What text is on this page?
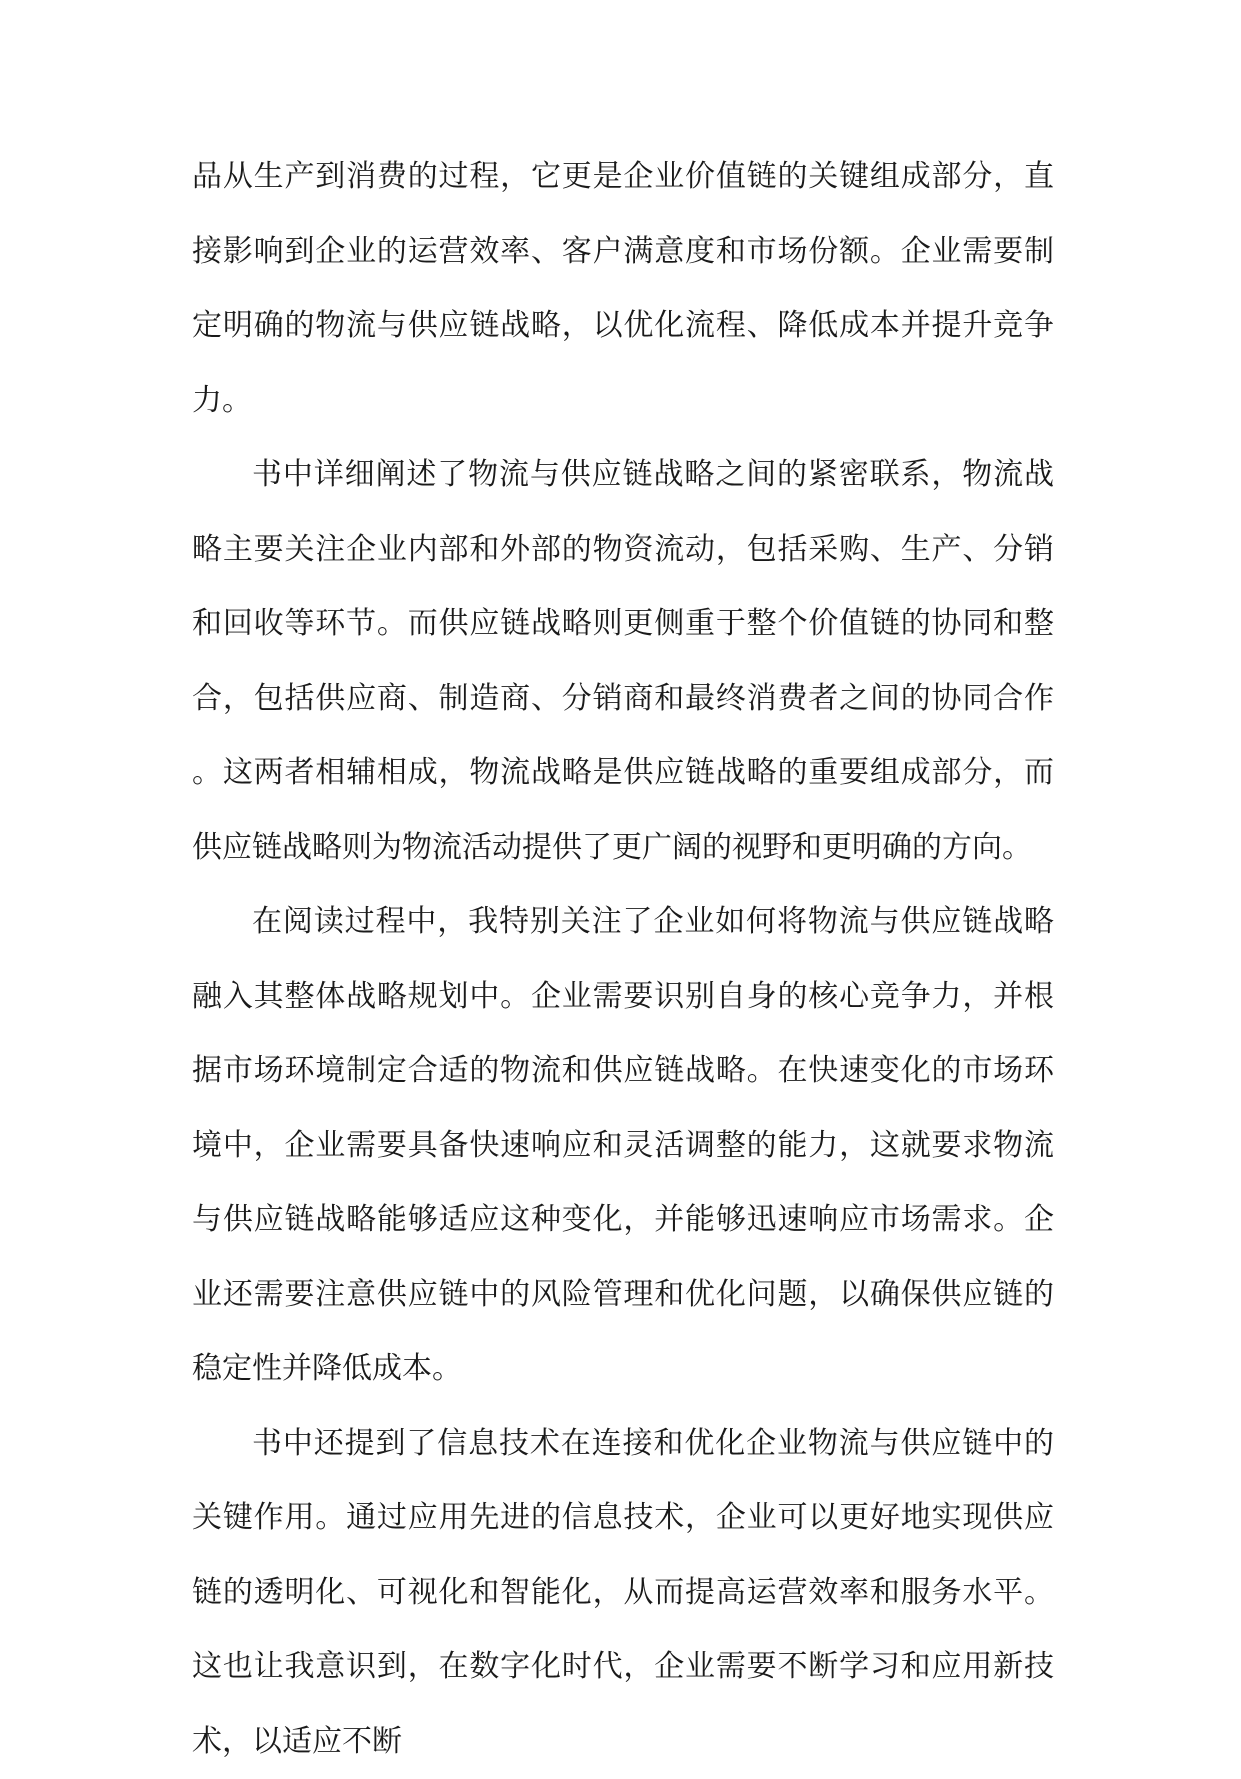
品从生产到消费的过程，它更是企业价值链的关键组成部分，直接影响到企业的运营效率、客户满意度和市场份额。企业需要制定明确的物流与供应链战略，以优化流程、降低成本并提升竞争力。

书中详细阐述了物流与供应链战略之间的紧密联系，物流战略主要关注企业内部和外部的物资流动，包括采购、生产、分销和回收等环节。而供应链战略则更侧重于整个价值链的协同和整合，包括供应商、制造商、分销商和最终消费者之间的协同合作。这两者相辅相成，物流战略是供应链战略的重要组成部分，而供应链战略则为物流活动提供了更广阔的视野和更明确的方向。

在阅读过程中，我特别关注了企业如何将物流与供应链战略融入其整体战略规划中。企业需要识别自身的核心竞争力，并根据市场环境制定合适的物流和供应链战略。在快速变化的市场环境中，企业需要具备快速响应和灵活调整的能力，这就要求物流与供应链战略能够适应这种变化，并能够迅速响应市场需求。企业还需要注意供应链中的风险管理和优化问题，以确保供应链的稳定性并降低成本。

书中还提到了信息技术在连接和优化企业物流与供应链中的关键作用。通过应用先进的信息技术，企业可以更好地实现供应链的透明化、可视化和智能化，从而提高运营效率和服务水平。这也让我意识到，在数字化时代，企业需要不断学习和应用新技术，以适应不断
